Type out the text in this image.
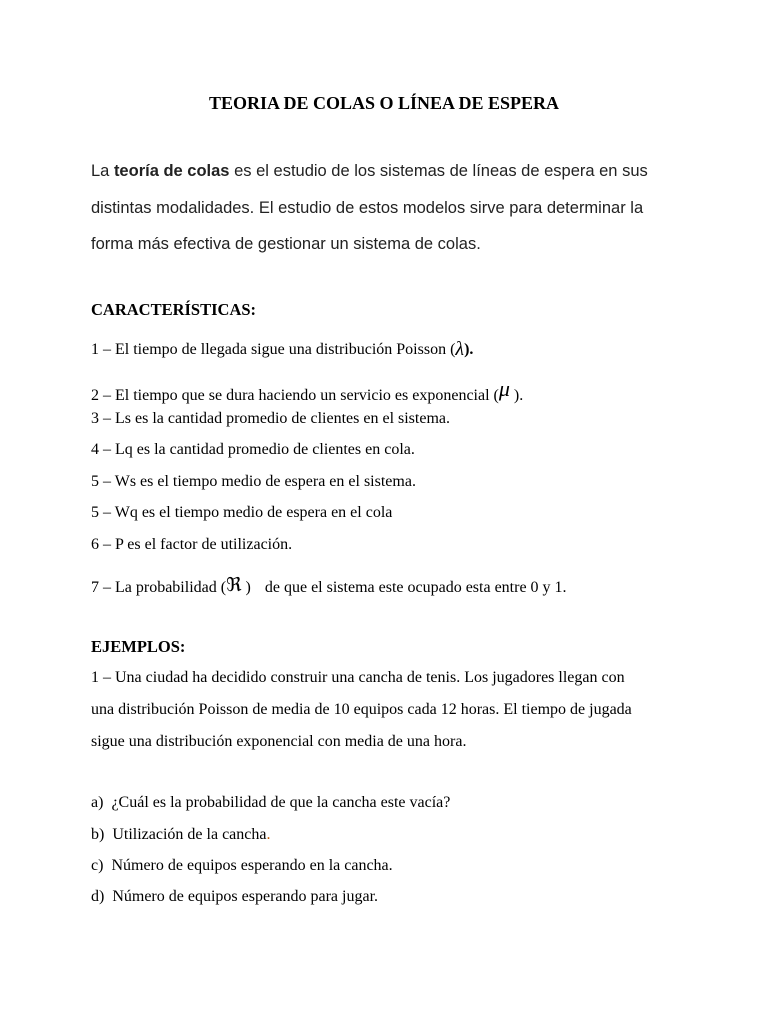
TEORIA DE COLAS O LÍNEA DE ESPERA
La teoría de colas es el estudio de los sistemas de líneas de espera en sus
distintas modalidades. El estudio de estos modelos sirve para determinar la
forma más efectiva de gestionar un sistema de colas.
CARACTERÍSTICAS:
1 – El tiempo de llegada sigue una distribución Poisson (λ).
2 – El tiempo que se dura haciendo un servicio es exponencial (μ ).
3 – Ls es la cantidad promedio de clientes en el sistema.
4 – Lq es la cantidad promedio de clientes en cola.
5 – Ws es el tiempo medio de espera en el sistema.
5 – Wq es el tiempo medio de espera en el cola
6 – P es el factor de utilización.
7 – La probabilidad (ℜ ) de que el sistema este ocupado esta entre 0 y 1.
EJEMPLOS:
1 – Una ciudad ha decidido construir una cancha de tenis. Los jugadores llegan con
una distribución Poisson de media de 10 equipos cada 12 horas. El tiempo de jugada
sigue una distribución exponencial con media de una hora.
a) ¿Cuál es la probabilidad de que la cancha este vacía?
b) Utilización de la cancha.
c) Número de equipos esperando en la cancha.
d) Número de equipos esperando para jugar.
